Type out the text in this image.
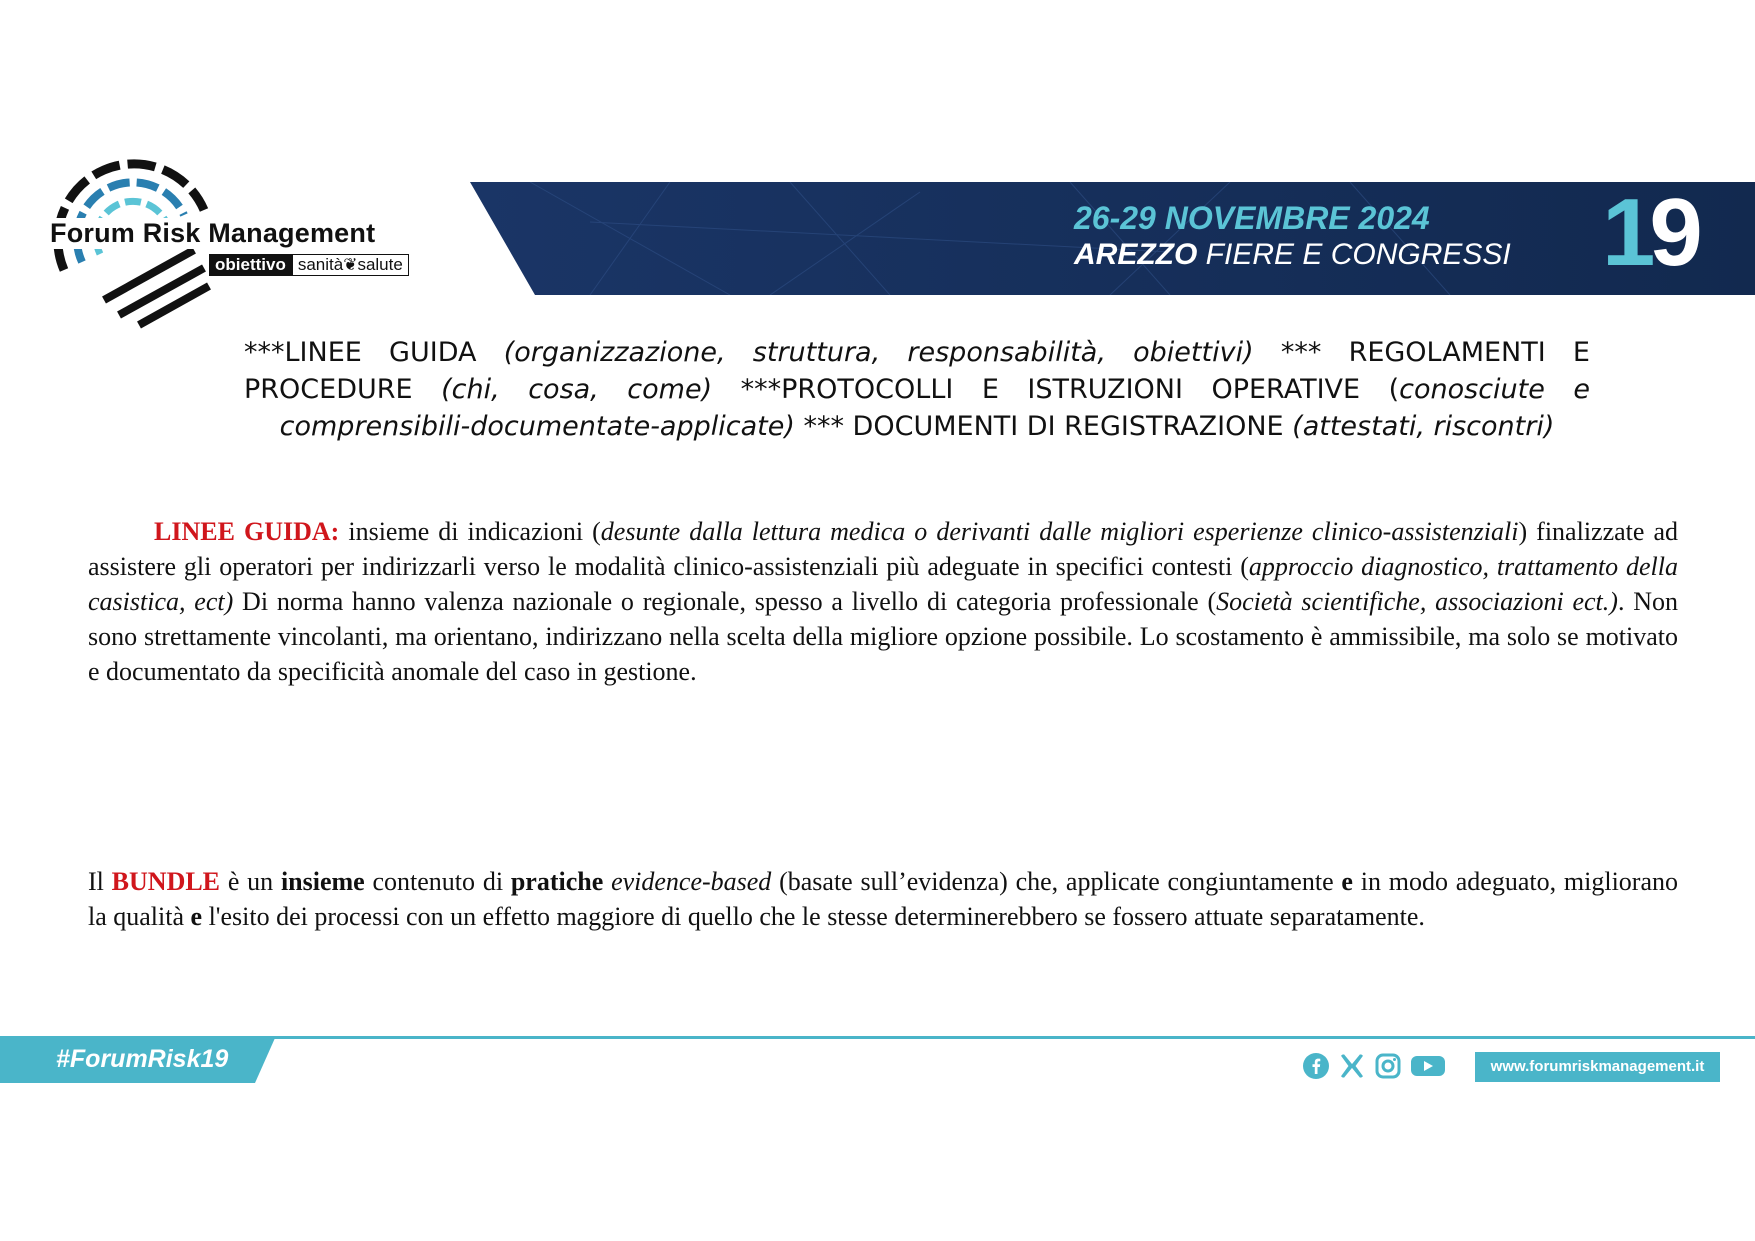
Forum Risk Management
obiettivo sanità❦salute
26-29 NOVEMBRE 2024
AREZZO FIERE E CONGRESSI 19
***LINEE GUIDA (organizzazione, struttura, responsabilità, obiettivi) *** REGOLAMENTI E PROCEDURE (chi, cosa, come) ***PROTOCOLLI E ISTRUZIONI OPERATIVE (conosciute e comprensibili-documentate-applicate) *** DOCUMENTI DI REGISTRAZIONE (attestati, riscontri)
LINEE GUIDA: insieme di indicazioni (desunte dalla lettura medica o derivanti dalle migliori esperienze clinico-assistenziali) finalizzate ad assistere gli operatori per indirizzarli verso le modalità clinico-assistenziali più adeguate in specifici contesti (approccio diagnostico, trattamento della casistica, ect) Di norma hanno valenza nazionale o regionale, spesso a livello di categoria professionale (Società scientifiche, associazioni ect.). Non sono strettamente vincolanti, ma orientano, indirizzano nella scelta della migliore opzione possibile. Lo scostamento è ammissibile, ma solo se motivato e documentato da specificità anomale del caso in gestione.
Il BUNDLE è un insieme contenuto di pratiche evidence-based (basate sull’evidenza) che, applicate congiuntamente e in modo adeguato, migliorano la qualità e l'esito dei processi con un effetto maggiore di quello che le stesse determinerebbero se fossero attuate separatamente.
#ForumRisk19	www.forumriskmanagement.it
